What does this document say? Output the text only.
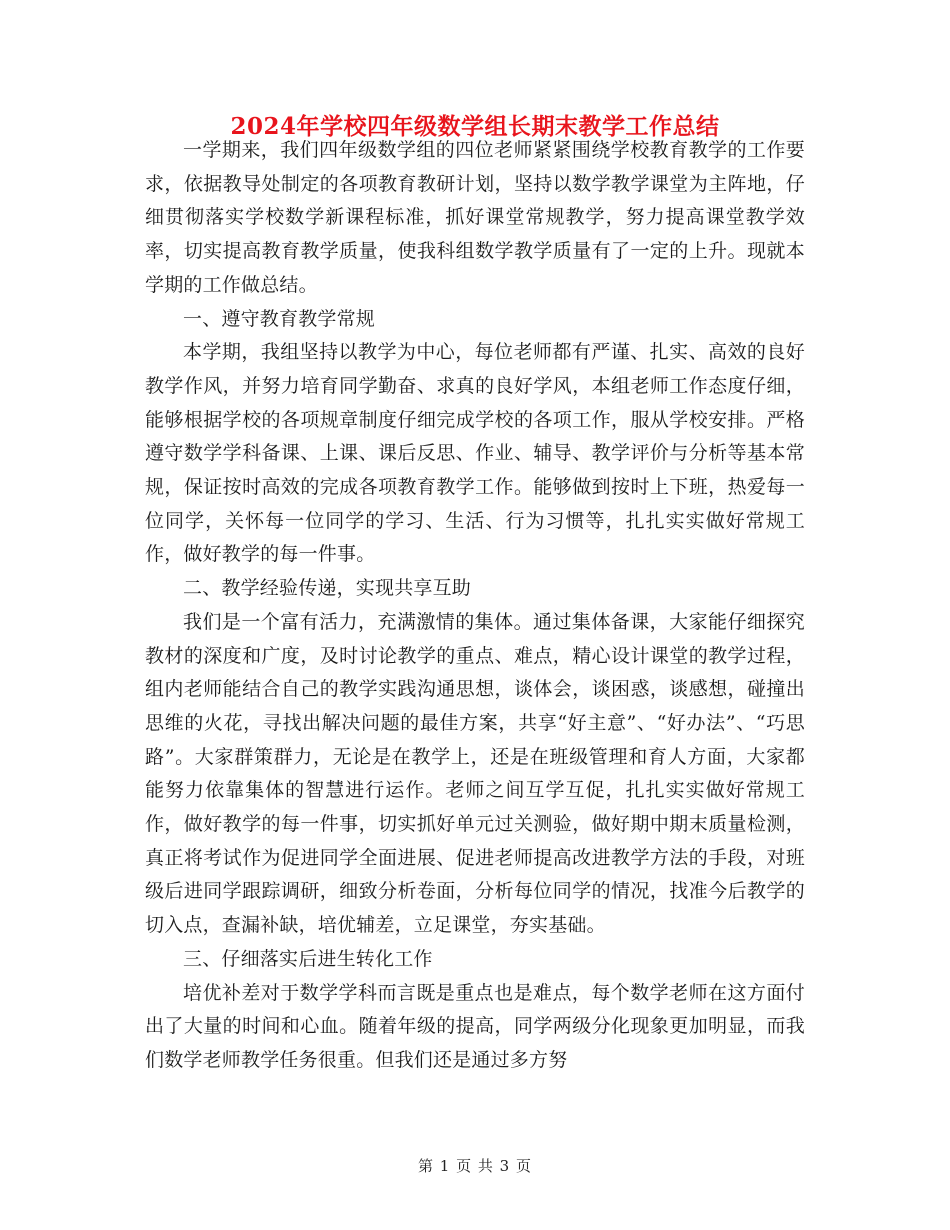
2024年学校四年级数学组长期末教学工作总结

一学期来，我们四年级数学组的四位老师紧紧围绕学校教育教学的工作要求，依据教导处制定的各项教育教研计划，坚持以数学教学课堂为主阵地，仔细贯彻落实学校数学新课程标准，抓好课堂常规教学，努力提高课堂教学效率，切实提高教育教学质量，使我科组数学教学质量有了一定的上升。现就本学期的工作做总结。

一、遵守教育教学常规

本学期，我组坚持以教学为中心，每位老师都有严谨、扎实、高效的良好教学作风，并努力培育同学勤奋、求真的良好学风，本组老师工作态度仔细，能够根据学校的各项规章制度仔细完成学校的各项工作，服从学校安排。严格遵守数学学科备课、上课、课后反思、作业、辅导、教学评价与分析等基本常规，保证按时高效的完成各项教育教学工作。能够做到按时上下班，热爱每一位同学，关怀每一位同学的学习、生活、行为习惯等，扎扎实实做好常规工作，做好教学的每一件事。

二、教学经验传递，实现共享互助

我们是一个富有活力，充满激情的集体。通过集体备课，大家能仔细探究教材的深度和广度，及时讨论教学的重点、难点，精心设计课堂的教学过程，组内老师能结合自己的教学实践沟通思想，谈体会，谈困惑，谈感想，碰撞出思维的火花，寻找出解决问题的最佳方案，共享“好主意”、“好办法”、“巧思路”。大家群策群力，无论是在教学上，还是在班级管理和育人方面，大家都能努力依靠集体的智慧进行运作。老师之间互学互促，扎扎实实做好常规工作，做好教学的每一件事，切实抓好单元过关测验，做好期中期末质量检测，真正将考试作为促进同学全面进展、促进老师提高改进教学方法的手段，对班级后进同学跟踪调研，细致分析卷面，分析每位同学的情况，找准今后教学的切入点，查漏补缺，培优辅差，立足课堂，夯实基础。

三、仔细落实后进生转化工作

培优补差对于数学学科而言既是重点也是难点，每个数学老师在这方面付出了大量的时间和心血。随着年级的提高，同学两级分化现象更加明显，而我们数学老师教学任务很重。但我们还是通过多方努

第 1 页 共 3 页
